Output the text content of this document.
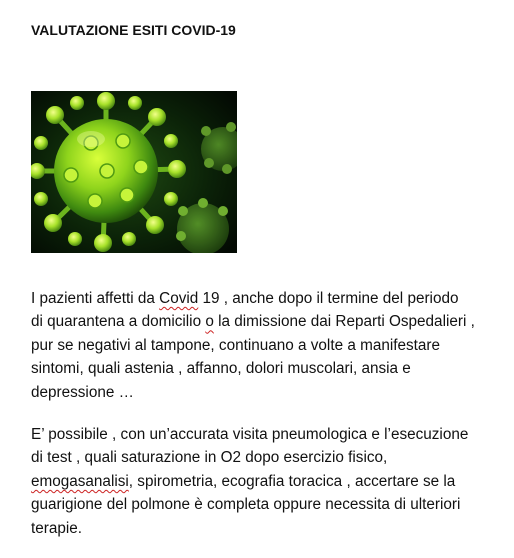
VALUTAZIONE ESITI COVID-19
I pazienti affetti da Covid 19 , anche dopo il termine del periodo
di quarantena a domicilio o la dimissione dai Reparti Ospedalieri ,
pur se negativi al tampone, continuano a volte a manifestare
sintomi, quali astenia , affanno, dolori muscolari, ansia e
depressione …
E’ possibile , con un’accurata visita pneumologica e l’esecuzione
di test , quali saturazione in O2 dopo esercizio fisico,
emogasanalisi, spirometria, ecografia toracica , accertare se la
guarigione del polmone è completa oppure necessita di ulteriori
terapie.
